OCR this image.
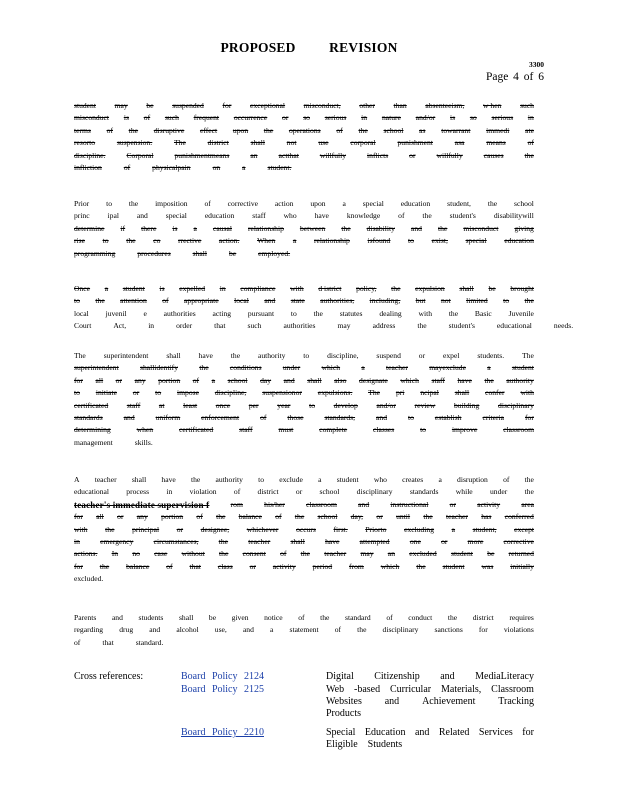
PROPOSED REVISION
3300
Page 4 of 6
student may be suspended for exceptional misconduct, other than absenteeism, w hen such
misconduct is of such frequent occurrence or so serious in nature and/or is so serious in
terms of the disruptive effect upon the operations of the school as towarrant immedi ate
resorto	suspension.	The	district	shall	not	use	corporal	punishment	asa	means	of
discipline.	Corporal	punishmentmeans	an	actthat	willfully	inflicts	or	willfully	causes	the
infliction	of	physicalpain	on	a	student.
Prior to the imposition of corrective action upon a special education student, the school
princ ipal and special education staff who have knowledge of the student's disabilitywill
determine if there is a causal relationship between the disability and the misconduct giving
rise to the co rrective action. When a relationship isfound to exist, special education
programming	procedures	shall	be	employed.
Once a student is expelled in compliance with d istrict policy, the expulsion shall be brought
to the attention of appropriate local and state authorities, including, but not limited to the
local juvenil e authorities acting pursuant to the statutes dealing with the Basic Juvenile
Court	Act,	in	order	that	such	authorities	may	address	the	student's	educational	needs.
The superintendent shall have the authority to discipline, suspend or expel students. The
superintendent	shallidentify	the	conditions	under	which	a	teacher	mayexclude	a	student
for all or any portion of a school day and shall also designate which staff have the authority
to initiate or to impose discipline, suspensionor expulsions. The pri ncipal shall confer with
certificated staff at least once per year to develop and/or review building disciplinary
standards	and	uniform	enforcement	of	those	standards,	and	to	establish	criteria	for
determining	when	certificated	staff	must	complete	classes	to	improve	classroom
management	skills.
A teacher shall have the authority to exclude a student who creates a disruption of the
educational process in violation of district or school disciplinary standards while under the
teacher's immediate supervision f	rom	his/her	classroom	and	instructional	or	activity	area
for all or any portion of the balance of the school day, or until the teacher has conferred
with the principal or designee, whichever occurs first. Priorto excluding a student, except
in	emergency	circumstances,	the	teacher	shall	have	attempted	one	or	more	corrective
actions. In no case without the consent of the teacher may an excluded student be returned
for the balance of that class or activity period from which the student was initially
excluded.
Parents and students shall be given notice of the standard of conduct the district requires
regarding drug and alcohol use, and a statement of the disciplinary sanctions for violations
of	that	standard.
Cross references:	Board Policy 2124	Digital Citizenship and MediaLiteracy
Board Policy 2125	Web -based Curricular Materials, Classroom
Websites and Achievement Tracking
Products
Board Policy 2210	Special Education and Related Services for
Eligible Students
